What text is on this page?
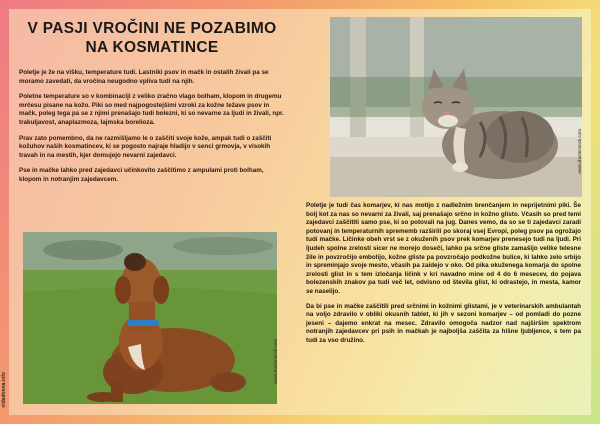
V PASJI VROČINI NE POZABIMO NA KOSMATINCE

Poletje je že na višku, temperature tudi. Lastniki psov in mačk in ostalih živali pa se moramo zavedati, da vročina neugodno vpliva tudi na njih.

Poletne temperature so v kombinaciji z veliko zračno vlago bolham, klopom in drugemu mrčesu pisane na kožo. Piki so med najpogostejšimi vzroki za kožne težave psov in mačk, poleg tega pa se z njimi prenašajo tudi bolezni, ki so nevarne za ljudi in živali, npr. trakuljavost, anaplazmoza, lajmska borelioza.

Prav zato pomembno, da ne razmišljamo le o zaščiti svoje kože, ampak tudi o zaščiti kožuhov naših kosmatincev, ki se pogosto najraje hladijo v senci grmovja, v visokih travah in na mestih, kjer domujejo nevarni zajedavci.

Pse in mačke lahko pred zajedavci učinkovito zaščitimo z ampulami proti bolham, klopom in notranjim zajedavcem.

www.shutterstock.com
www.shutterstock.com

Poletje je tudi čas komarjev, ki nas motijo z nadležnim brenčanjem in neprijetnimi piki. Še bolj kot za nas so nevarni za živali, saj prenašajo srčno in kožno glisto. Včasih so pred temi zajedavci zaščititi samo pse, ki so potovali na jug. Danes vemo, da so se ti zajedavci zaradi potovanj in temperaturnih sprememb razširili po skoraj vsej Evropi, poleg psov pa ogrožajo tudi mačke. Ličinke obeh vrst se z okuženih psov prek komarjev prenesejo tudi na ljudi. Pri ljudeh spolne zrelosti sicer ne morejo doseči, lahko pa srčne gliste zamašijo velike telesne žile in povzročijo embolijo, kožne gliste pa povzročajo podkožne bulice, ki lahko zelo srbijo in spreminjajo svoje mesto, včasih pa zaidejo v oko. Od pika okuženega komarja do spolne zrelosti glist in s tem izločanja ličink v kri navadno mine od 4 do 6 mesecev, do pojava bolezenskih znakov pa tudi več let, odvisno od števila glist, ki odrastejo, in mesta, kamor se naselijo.

Da bi pse in mačke zaščitili pred srčnimi in kožnimi glistami, je v veterinarskih ambulantah na voljo zdravilo v obliki okusnih tablet, ki jih v sezoni komarjev – od pomladi do pozne jeseni – dajemo enkrat na mesec. Zdravilo omogoča nadzor nad najširšim spektrom notranjih zajedavcev pri psih in mačkah je najboljša zaščita za hišne ljubljence, s tem pa tudi za vso družino.

vidadonna.info
